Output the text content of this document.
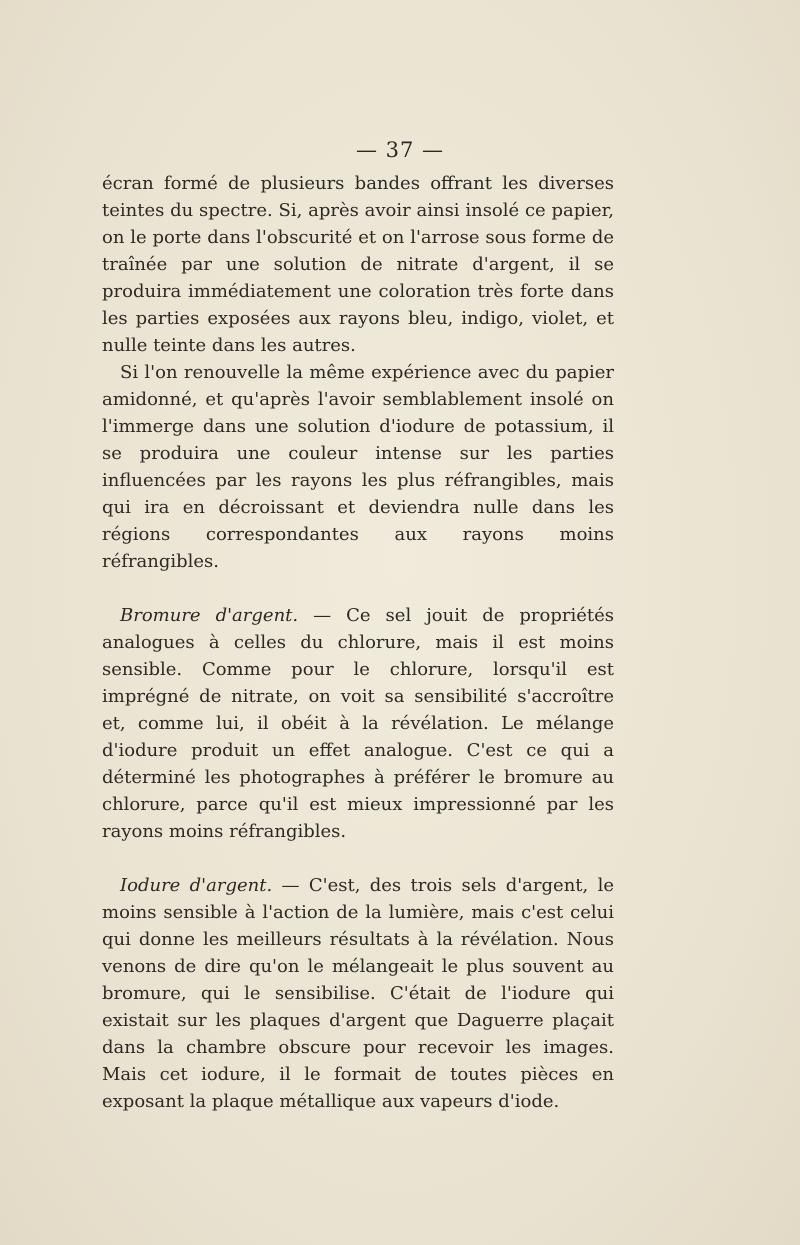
— 37 —

écran formé de plusieurs bandes offrant les diverses teintes du spectre. Si, après avoir ainsi insolé ce papier, on le porte dans l'obscurité et on l'arrose sous forme de traînée par une solution de nitrate d'argent, il se produira immédiatement une coloration très forte dans les parties exposées aux rayons bleu, indigo, violet, et nulle teinte dans les autres.

Si l'on renouvelle la même expérience avec du papier amidonné, et qu'après l'avoir semblablement insolé on l'immerge dans une solution d'iodure de potassium, il se produira une couleur intense sur les parties influencées par les rayons les plus réfrangibles, mais qui ira en décroissant et deviendra nulle dans les régions correspondantes aux rayons moins réfrangibles.

Bromure d'argent. — Ce sel jouit de propriétés analogues à celles du chlorure, mais il est moins sensible. Comme pour le chlorure, lorsqu'il est imprégné de nitrate, on voit sa sensibilité s'accroître et, comme lui, il obéit à la révélation. Le mélange d'iodure produit un effet analogue. C'est ce qui a déterminé les photographes à préférer le bromure au chlorure, parce qu'il est mieux impressionné par les rayons moins réfrangibles.

Iodure d'argent. — C'est, des trois sels d'argent, le moins sensible à l'action de la lumière, mais c'est celui qui donne les meilleurs résultats à la révélation. Nous venons de dire qu'on le mélangeait le plus souvent au bromure, qui le sensibilise. C'était de l'iodure qui existait sur les plaques d'argent que Daguerre plaçait dans la chambre obscure pour recevoir les images. Mais cet iodure, il le formait de toutes pièces en exposant la plaque métallique aux vapeurs d'iode.
